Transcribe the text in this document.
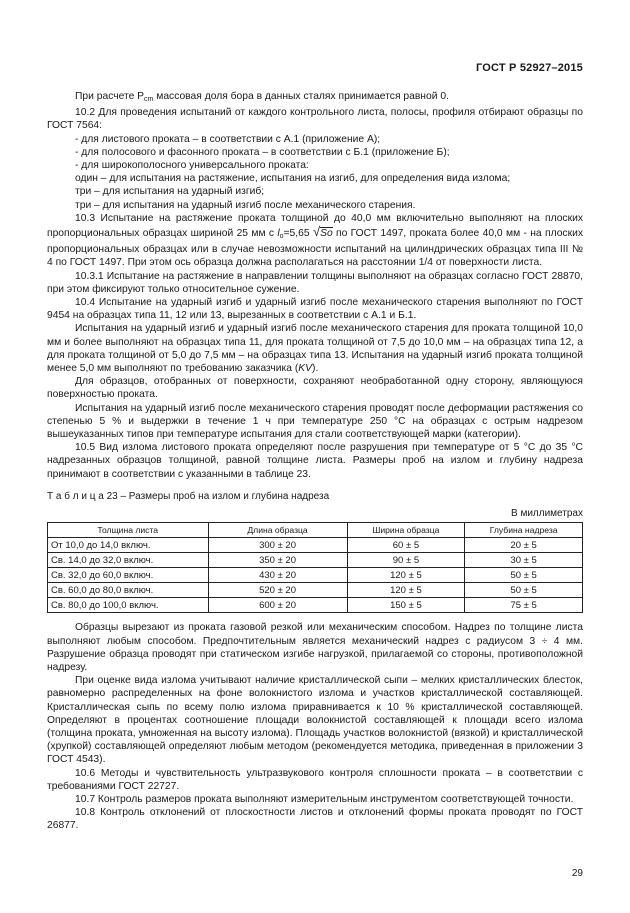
ГОСТ Р 52927–2015

При расчете $P_{cm}$ массовая доля бора в данных сталях принимается равной 0.

10.2 Для проведения испытаний от каждого контрольного листа, полосы, профиля отбирают образцы по ГОСТ 7564:

- для листового проката – в соответствии с А.1 (приложение А);

- для полосового и фасонного проката – в соответствии с Б.1 (приложение Б);

- для широкополосного универсального проката:

один – для испытания на растяжение, испытания на изгиб, для определения вида излома;

три – для испытания на ударный изгиб;

три – для испытания на ударный изгиб после механического старения.

10.3 Испытание на растяжение проката толщиной до 40,0 мм включительно выполняют на плоских пропорциональных образцах шириной 25 мм с $l_o=5,65$ √So по ГОСТ 1497, проката более 40,0 мм - на плоских пропорциональных образцах или в случае невозможности испытаний на цилиндрических образцах типа III № 4 по ГОСТ 1497. При этом ось образца должна располагаться на расстоянии 1/4 от поверхности листа.

10.3.1 Испытание на растяжение в направлении толщины выполняют на образцах согласно ГОСТ 28870, при этом фиксируют только относительное сужение.

10.4 Испытание на ударный изгиб и ударный изгиб после механического старения выполняют по ГОСТ 9454 на образцах типа 11, 12 или 13, вырезанных в соответствии с А.1 и Б.1.

Испытания на ударный изгиб и ударный изгиб после механического старения для проката толщиной 10,0 мм и более выполняют на образцах типа 11, для проката толщиной от 7,5 до 10,0 мм – на образцах типа 12, а для проката толщиной от 5,0 до 7,5 мм – на образцах типа 13. Испытания на ударный изгиб проката толщиной менее 5,0 мм выполняют по требованию заказчика (KV).

Для образцов, отобранных от поверхности, сохраняют необработанной одну сторону, являющуюся поверхностью проката.

Испытания на ударный изгиб после механического старения проводят после деформации растяжения со степенью 5 % и выдержки в течение 1 ч при температуре 250 °С на образцах с острым надрезом вышеуказанных типов при температуре испытания для стали соответствующей марки (категории).

10.5 Вид излома листового проката определяют после разрушения при температуре от 5 °С до 35 °С надрезанных образцов толщиной, равной толщине листа. Размеры проб на излом и глубину надреза принимают в соответствии с указанными в таблице 23.

Т а б л и ц а 23 – Размеры проб на излом и глубина надреза

В миллиметрах

Толщина листа	Длина образца	Ширина образца	Глубина надреза
От 10,0 до 14,0 включ.	300 ± 20	60 ± 5	20 ± 5
Св. 14,0 до 32,0 включ.	350 ± 20	90 ± 5	30 ± 5
Св. 32,0 до 60,0 включ.	430 ± 20	120 ± 5	50 ± 5
Св. 60,0 до 80,0 включ.	520 ± 20	120 ± 5	50 ± 5
Св. 80,0 до 100,0 включ.	600 ± 20	150 ± 5	75 ± 5

Образцы вырезают из проката газовой резкой или механическим способом. Надрез по толщине листа выполняют любым способом. Предпочтительным является механический надрез с радиусом 3 ÷ 4 мм. Разрушение образца проводят при статическом изгибе нагрузкой, прилагаемой со стороны, противоположной надрезу.

При оценке вида излома учитывают наличие кристаллической сыпи – мелких кристаллических блесток, равномерно распределенных на фоне волокнистого излома и участков кристаллической составляющей. Кристаллическая сыпь по всему полю излома приравнивается к 10 % кристаллической составляющей. Определяют в процентах соотношение площади волокнистой составляющей к площади всего излома (толщина проката, умноженная на высоту излома). Площадь участков волокнистой (вязкой) и кристаллической (хрупкой) составляющей определяют любым методом (рекомендуется методика, приведенная в приложении 3 ГОСТ 4543).

10.6 Методы и чувствительность ультразвукового контроля сплошности проката – в соответствии с требованиями ГОСТ 22727.

10.7 Контроль размеров проката выполняют измерительным инструментом соответствующей точности.

10.8 Контроль отклонений от плоскостности листов и отклонений формы проката проводят по ГОСТ 26877.

29
